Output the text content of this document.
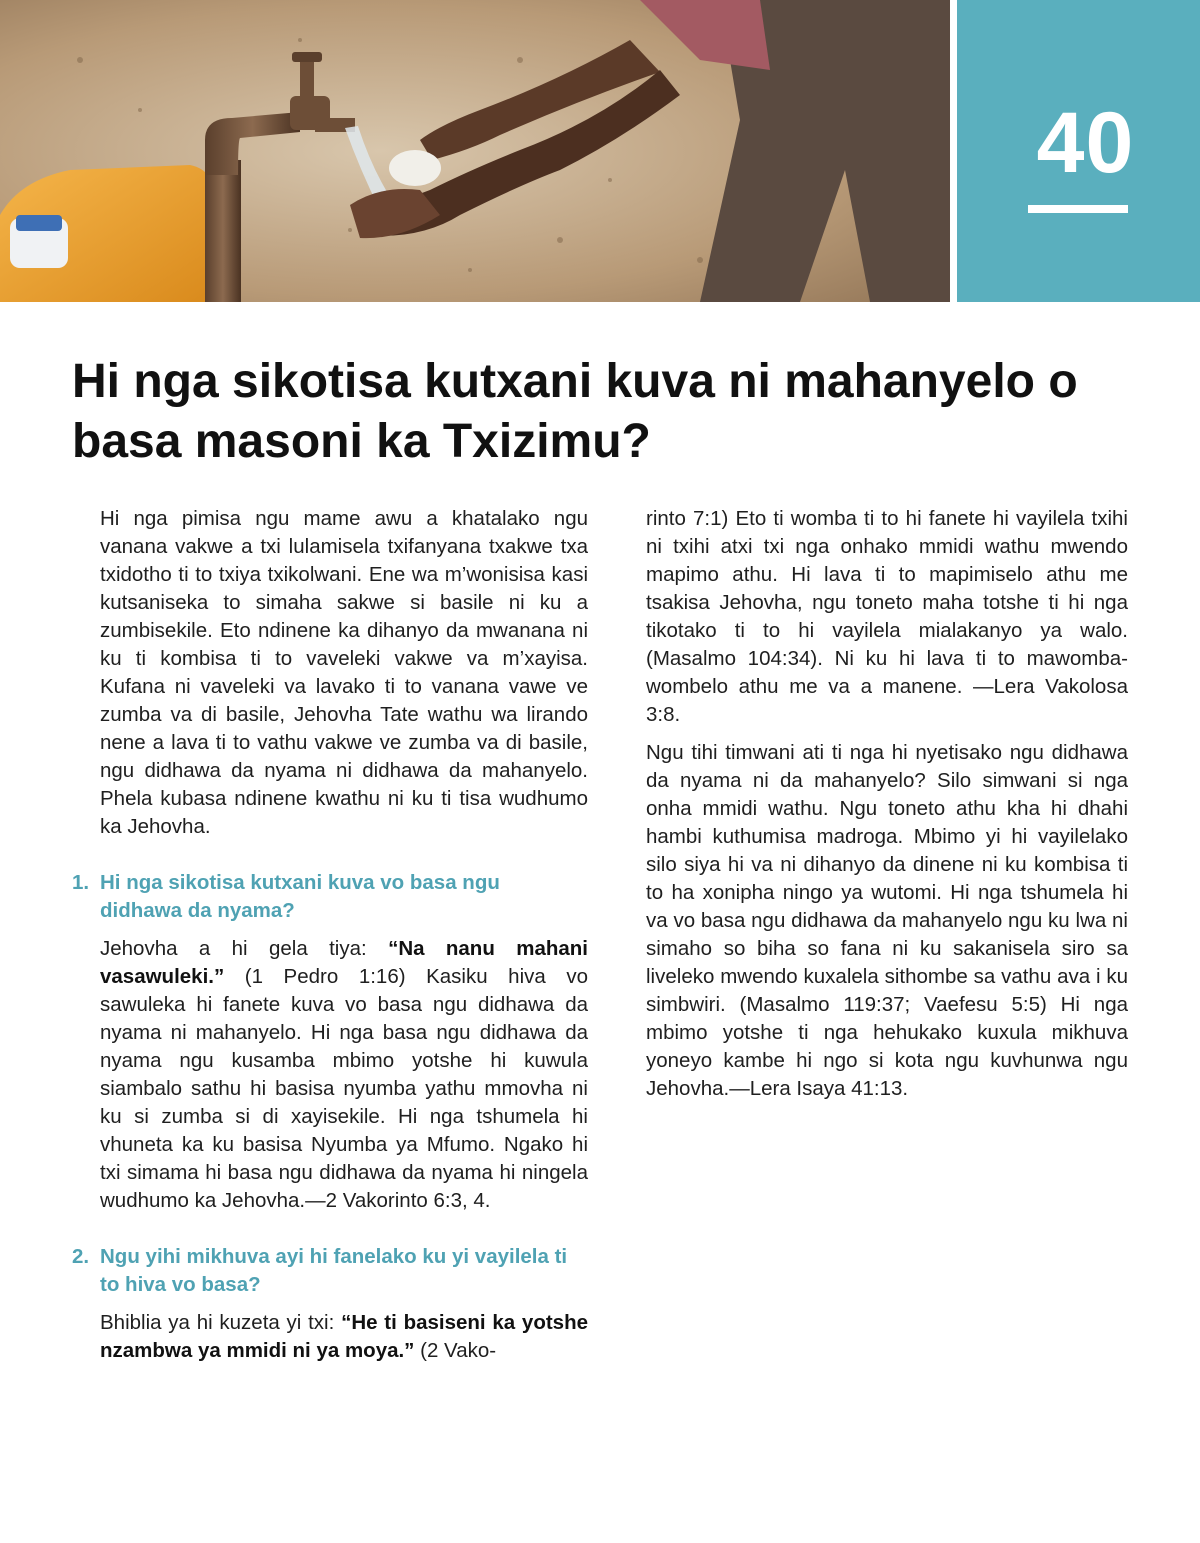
40
Hi nga sikotisa kutxani kuva ni mahanyelo o basa masoni ka Txizimu?

Hi nga pimisa ngu mame awu a khatalako ngu vanana vakwe a txi lulamisela txifanyana txakwe txa txidotho ti to txiya txikolwani. Ene wa m’wonisisa kasi kutsaniseka to simaha sakwe si basile ni ku a zumbisekile. Eto ndinene ka dihanyo da mwanana ni ku ti kombisa ti to vaveleki vakwe va m’xayisa. Kufana ni vaveleki va lavako ti to vanana vawe ve zumba va di basile, Jehovha Tate wathu wa lirando nene a lava ti to vathu vakwe ve zumba va di basile, ngu didhawa da nyama ni didhawa da mahanyelo. Phela kubasa ndinene kwathu ni ku ti tisa wudhumo ka Jehovha.

1. Hi nga sikotisa kutxani kuva vo basa ngu didhawa da nyama?

Jehovha a hi gela tiya: “Na nanu mahani vasawuleki.” (1 Pedro 1:16) Kasiku hiva vo sawuleka hi fanete kuva vo basa ngu didhawa da nyama ni mahanyelo. Hi nga basa ngu didhawa da nyama ngu kusamba mbimo yotshe hi kuwula siambalo sathu hi basisa nyumba yathu mmovha ni ku si zumba si di xayisekile. Hi nga tshumela hi vhuneta ka ku basisa Nyumba ya Mfumo. Ngako hi txi simama hi basa ngu didhawa da nyama hi ningela wudhumo ka Jehovha.—2 Vakorinto 6:3, 4.

2. Ngu yihi mikhuva ayi hi fanelako ku yi vayilela ti to hiva vo basa?

Bhiblia ya hi kuzeta yi txi: “He ti basiseni ka yotshe nzambwa ya mmidi ni ya moya.” (2 Vako-

rinto 7:1) Eto ti womba ti to hi fanete hi vayilela txihi ni txihi atxi txi nga onhako mmidi wathu mwendo mapimo athu. Hi lava ti to mapimiselo athu me tsakisa Jehovha, ngu toneto maha totshe ti hi nga tikotako ti to hi vayilela mialakanyo ya walo. (Masalmo 104:34). Ni ku hi lava ti to mawomba-wombelo athu me va a manene. —Lera Vakolosa 3:8.

Ngu tihi timwani ati ti nga hi nyetisako ngu didhawa da nyama ni da mahanyelo? Silo simwani si nga onha mmidi wathu. Ngu toneto athu kha hi dhahi hambi kuthumisa madroga. Mbimo yi hi vayilelako silo siya hi va ni dihanyo da dinene ni ku kombisa ti to ha xonipha ningo ya wutomi. Hi nga tshumela hi va vo basa ngu didhawa da mahanyelo ngu ku lwa ni simaho so biha so fana ni ku sakanisela siro sa liveleko mwendo kuxalela sithombe sa vathu ava i ku simbwiri. (Masalmo 119:37; Vaefesu 5:5) Hi nga mbimo yotshe ti nga hehukako kuxula mikhuva yoneyo kambe hi ngo si kota ngu kuvhunwa ngu Jehovha.—Lera Isaya 41:13.
